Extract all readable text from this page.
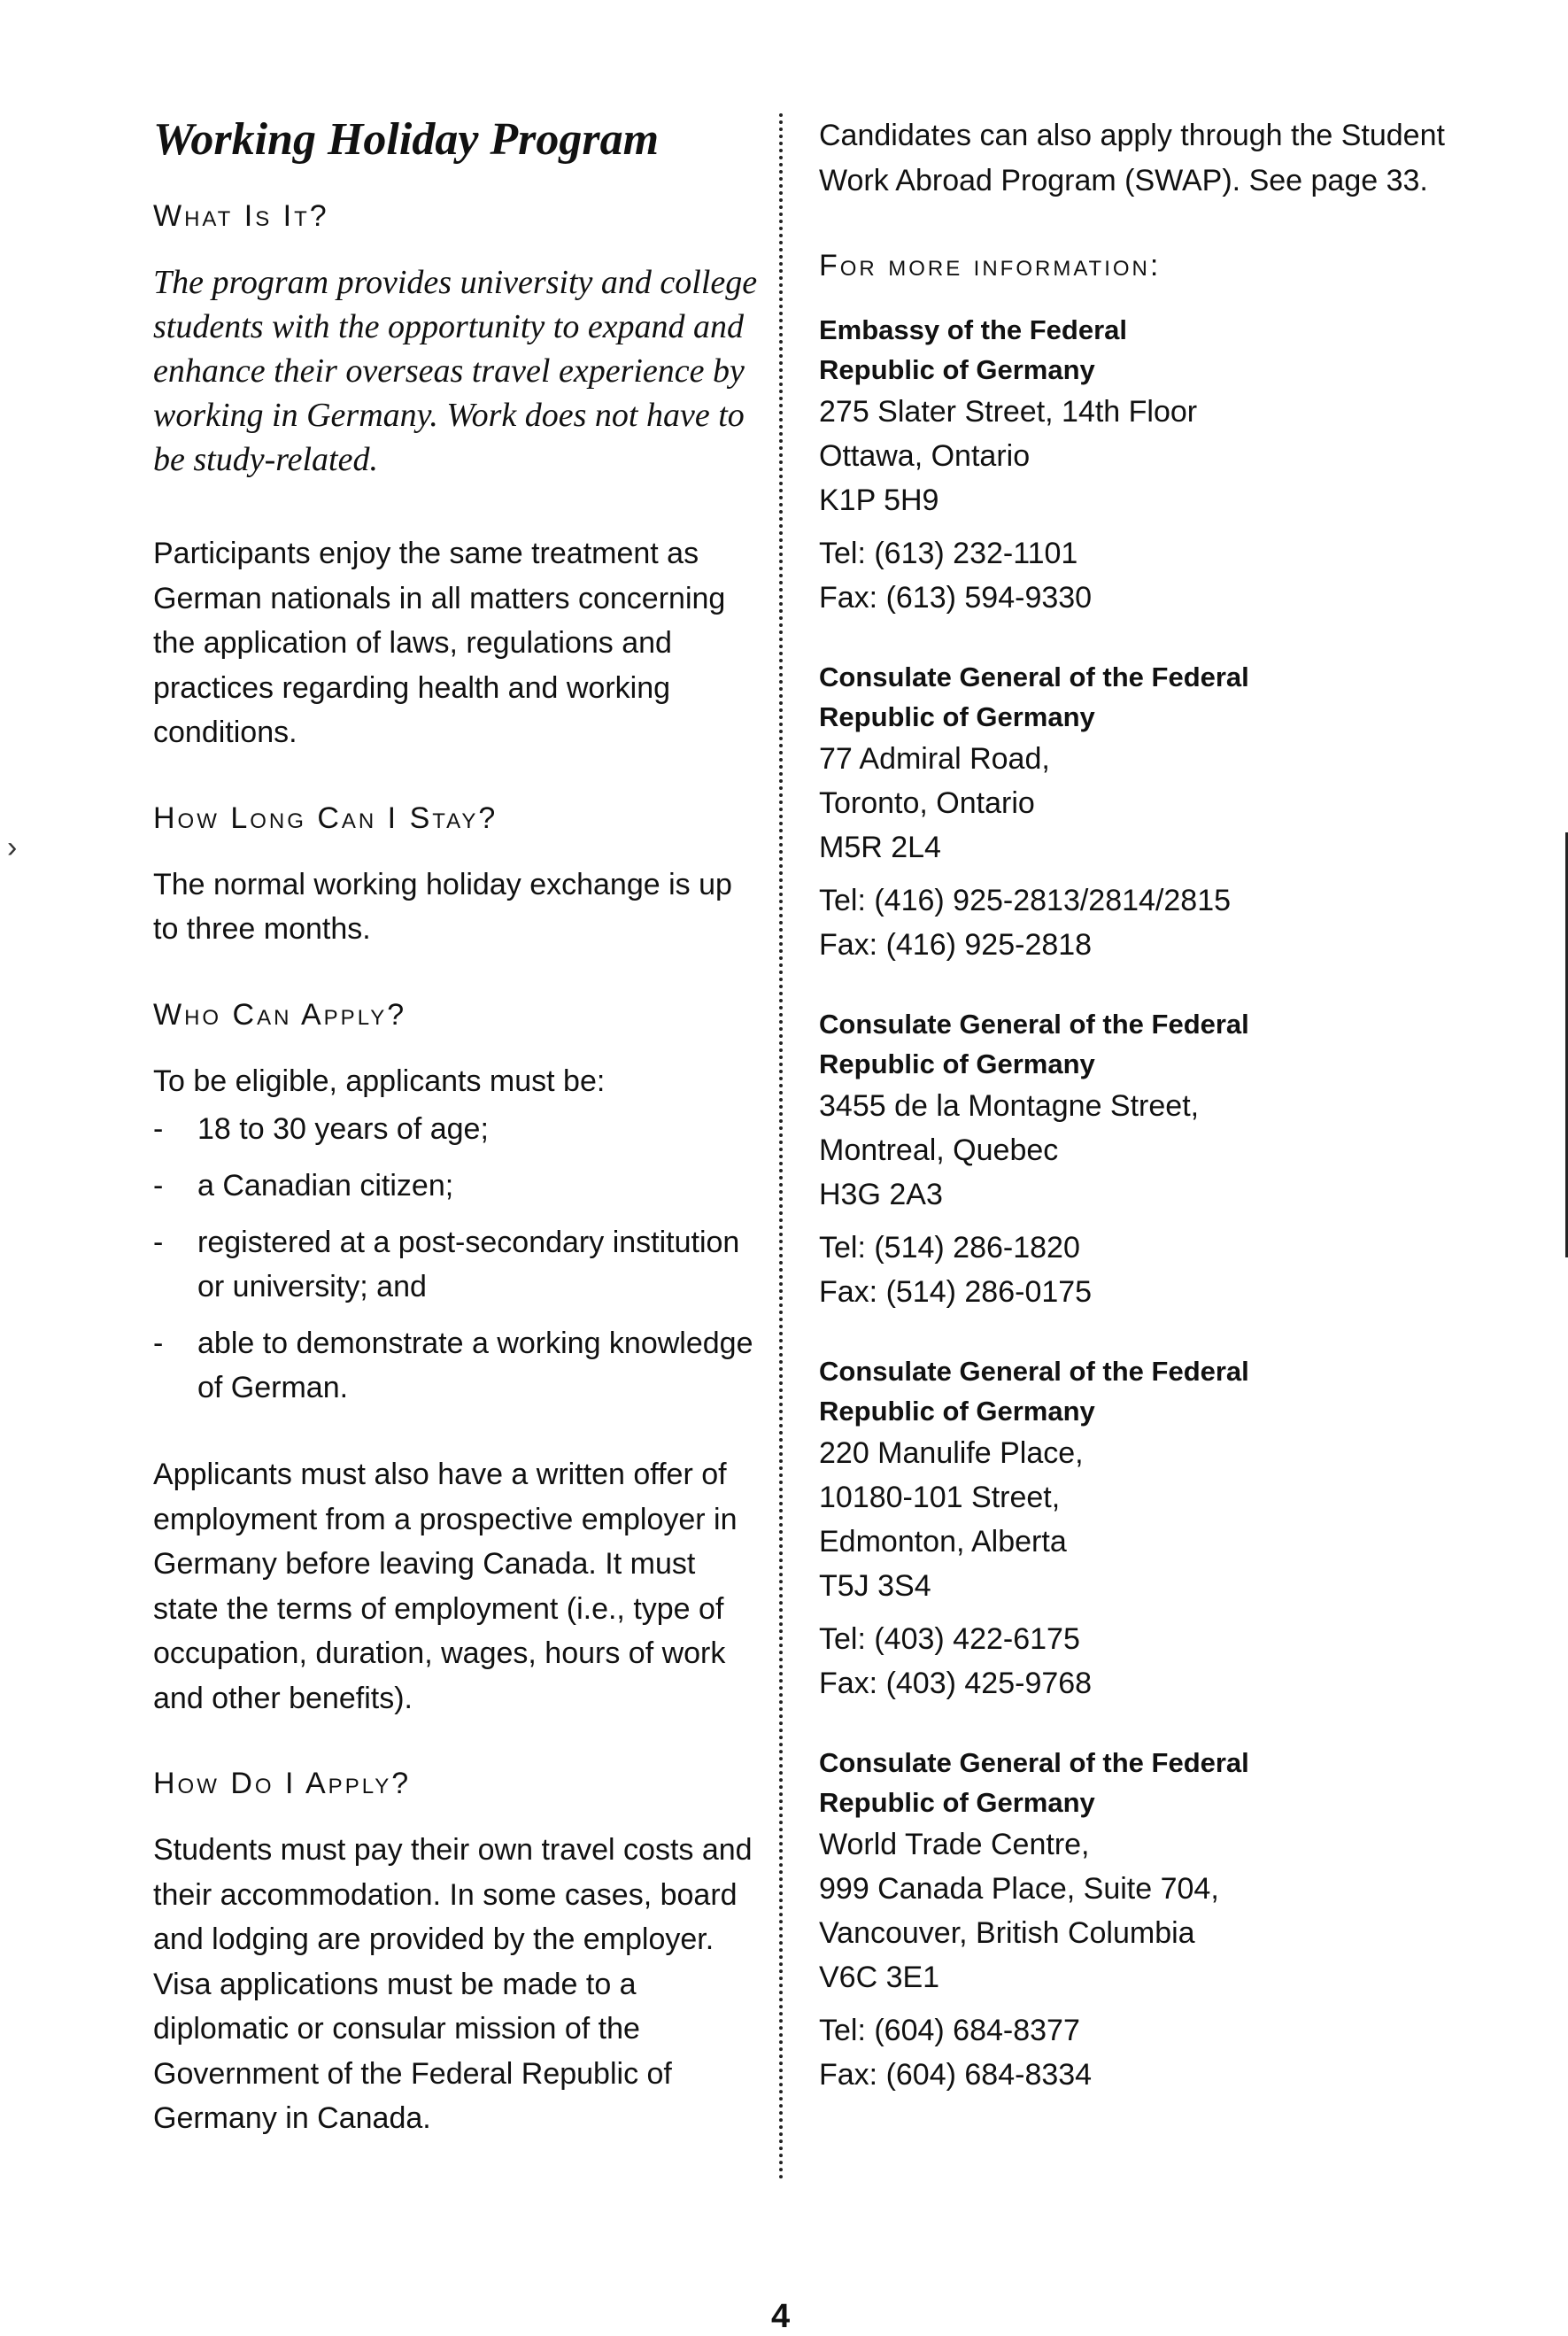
›
Working Holiday Program
What Is It?

The program provides university and college students with the opportunity to expand and enhance their overseas travel experience by working in Germany. Work does not have to be study-related.

Participants enjoy the same treatment as German nationals in all matters concerning the application of laws, regulations and practices regarding health and working conditions.

How Long Can I Stay?

The normal working holiday exchange is up to three months.

Who Can Apply?

To be eligible, applicants must be:

- 18 to 30 years of age;
- a Canadian citizen;
- registered at a post-secondary institution or university; and
- able to demonstrate a working knowledge of German.

Applicants must also have a written offer of employment from a prospective employer in Germany before leaving Canada. It must state the terms of employment (i.e., type of occupation, duration, wages, hours of work and other benefits).

How Do I Apply?

Students must pay their own travel costs and their accommodation. In some cases, board and lodging are provided by the employer. Visa applications must be made to a diplomatic or consular mission of the Government of the Federal Republic of Germany in Canada.

Candidates can also apply through the Student Work Abroad Program (SWAP). See page 33.

For more information:
Embassy of the Federal
Republic of Germany
275 Slater Street, 14th Floor
Ottawa, Ontario
K1P 5H9
Tel: (613) 232-1101
Fax: (613) 594-9330
Consulate General of the Federal
Republic of Germany
77 Admiral Road,
Toronto, Ontario
M5R 2L4
Tel: (416) 925-2813/2814/2815
Fax: (416) 925-2818
Consulate General of the Federal
Republic of Germany
3455 de la Montagne Street,
Montreal, Quebec
H3G 2A3
Tel: (514) 286-1820
Fax: (514) 286-0175
Consulate General of the Federal
Republic of Germany
220 Manulife Place,
10180-101 Street,
Edmonton, Alberta
T5J 3S4
Tel: (403) 422-6175
Fax: (403) 425-9768
Consulate General of the Federal
Republic of Germany
World Trade Centre,
999 Canada Place, Suite 704,
Vancouver, British Columbia
V6C 3E1
Tel: (604) 684-8377
Fax: (604) 684-8334
4
